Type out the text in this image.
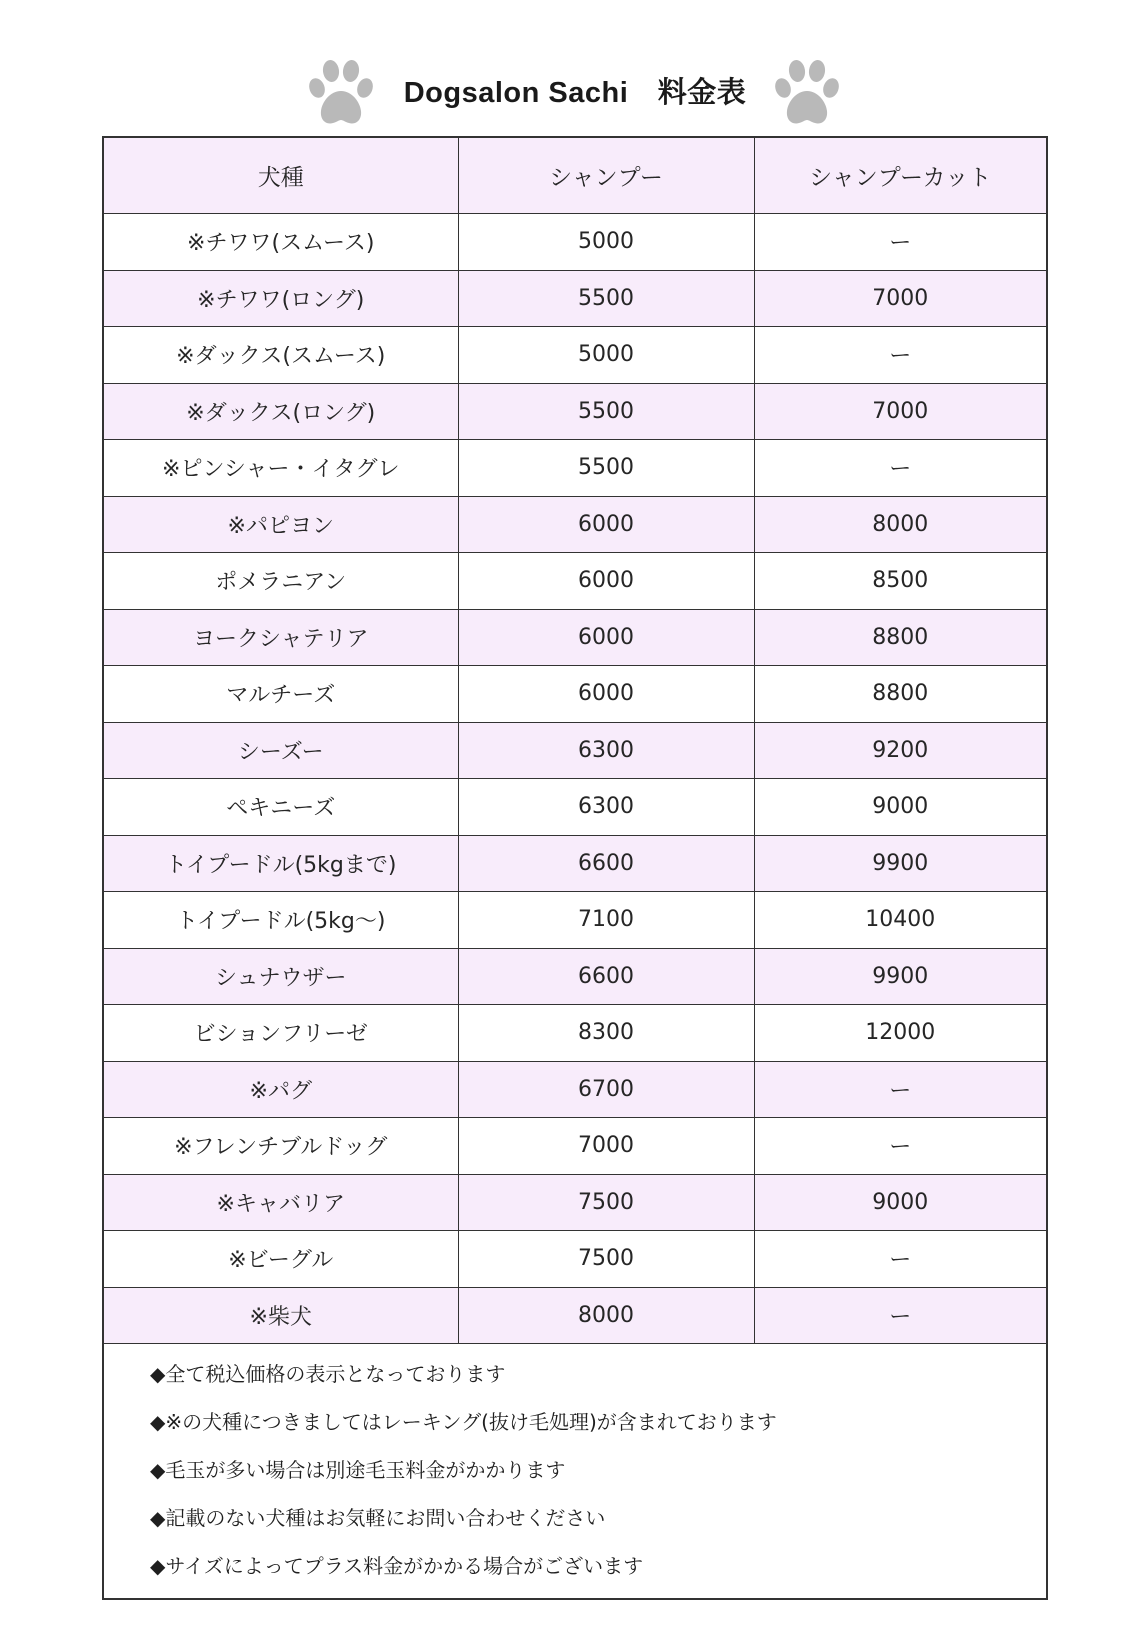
Dogsalon Sachi　料金表
犬種	シャンプー	シャンプーカット
※チワワ(スムース)	5000	ー
※チワワ(ロング)	5500	7000
※ダックス(スムース)	5000	ー
※ダックス(ロング)	5500	7000
※ピンシャー・イタグレ	5500	ー
※パピヨン	6000	8000
ポメラニアン	6000	8500
ヨークシャテリア	6000	8800
マルチーズ	6000	8800
シーズー	6300	9200
ペキニーズ	6300	9000
トイプードル(5kgまで)	6600	9900
トイプードル(5kg〜)	7100	10400
シュナウザー	6600	9900
ビションフリーゼ	8300	12000
※パグ	6700	ー
※フレンチブルドッグ	7000	ー
※キャバリア	7500	9000
※ビーグル	7500	ー
※柴犬	8000	ー
◆全て税込価格の表示となっております
◆※の犬種につきましてはレーキング(抜け毛処理)が含まれております
◆毛玉が多い場合は別途毛玉料金がかかります
◆記載のない犬種はお気軽にお問い合わせください
◆サイズによってプラス料金がかかる場合がございます
